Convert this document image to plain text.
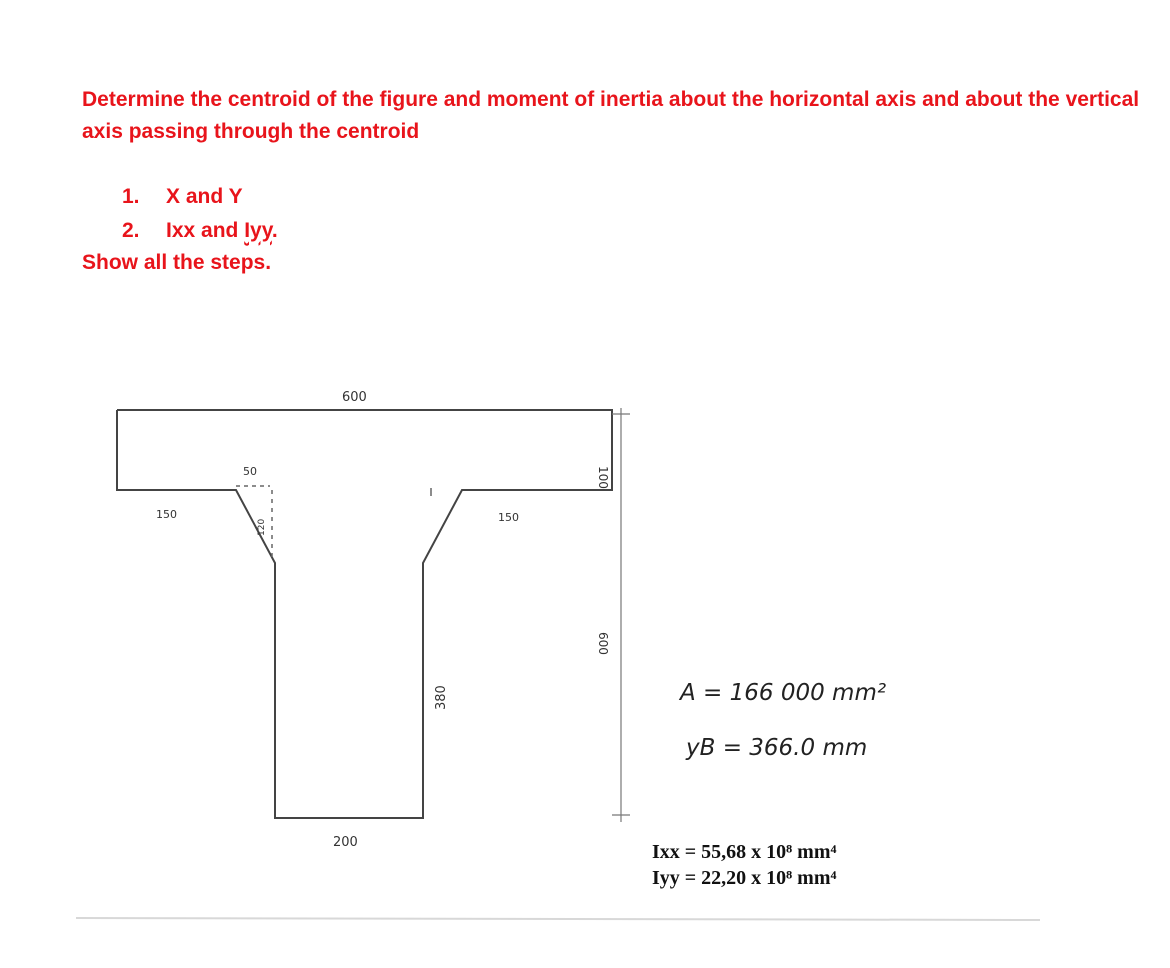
Determine the centroid of the figure and moment of inertia about the horizontal axis and about the vertical axis passing through the centroid

1. X and Y
2. Ixx and Iyy.

Show all the steps.

600
200
150	150
50	100
600
380
120
A = 166 000 mm²
yB = 366.0 mm
Ixx = 55,68 x 10⁸ mm⁴
Iyy = 22,20 x 10⁸ mm⁴
